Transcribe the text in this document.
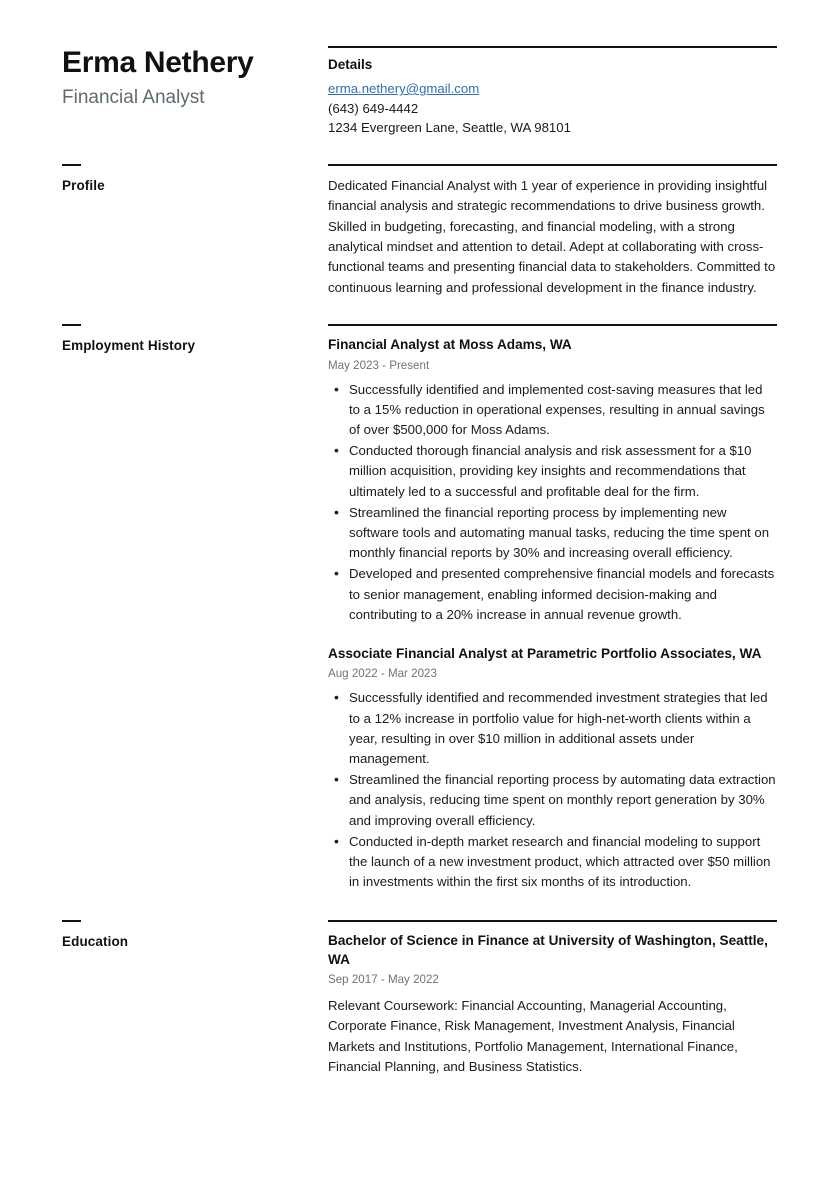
Erma Nethery

Financial Analyst

Details
erma.nethery@gmail.com
(643) 649-4442
1234 Evergreen Lane, Seattle, WA 98101
Profile	Dedicated Financial Analyst with 1 year of experience in providing insightful financial analysis and strategic recommendations to drive business growth. Skilled in budgeting, forecasting, and financial modeling, with a strong analytical mindset and attention to detail. Adept at collaborating with cross-functional teams and presenting financial data to stakeholders. Committed to continuous learning and professional development in the finance industry.

Employment History	Financial Analyst at Moss Adams, WA
May 2023 - Present
• Successfully identified and implemented cost-saving measures that led to a 15% reduction in operational expenses, resulting in annual savings of over $500,000 for Moss Adams.
• Conducted thorough financial analysis and risk assessment for a $10 million acquisition, providing key insights and recommendations that ultimately led to a successful and profitable deal for the firm.
• Streamlined the financial reporting process by implementing new software tools and automating manual tasks, reducing the time spent on monthly financial reports by 30% and increasing overall efficiency.
• Developed and presented comprehensive financial models and forecasts to senior management, enabling informed decision-making and contributing to a 20% increase in annual revenue growth.
Associate Financial Analyst at Parametric Portfolio Associates, WA
Aug 2022 - Mar 2023
• Successfully identified and recommended investment strategies that led to a 12% increase in portfolio value for high-net-worth clients within a year, resulting in over $10 million in additional assets under management.
• Streamlined the financial reporting process by automating data extraction and analysis, reducing time spent on monthly report generation by 30% and improving overall efficiency.
• Conducted in-depth market research and financial modeling to support the launch of a new investment product, which attracted over $50 million in investments within the first six months of its introduction.
Education	Bachelor of Science in Finance at University of Washington, Seattle, WA
Sep 2017 - May 2022

Relevant Coursework: Financial Accounting, Managerial Accounting, Corporate Finance, Risk Management, Investment Analysis, Financial Markets and Institutions, Portfolio Management, International Finance, Financial Planning, and Business Statistics.
